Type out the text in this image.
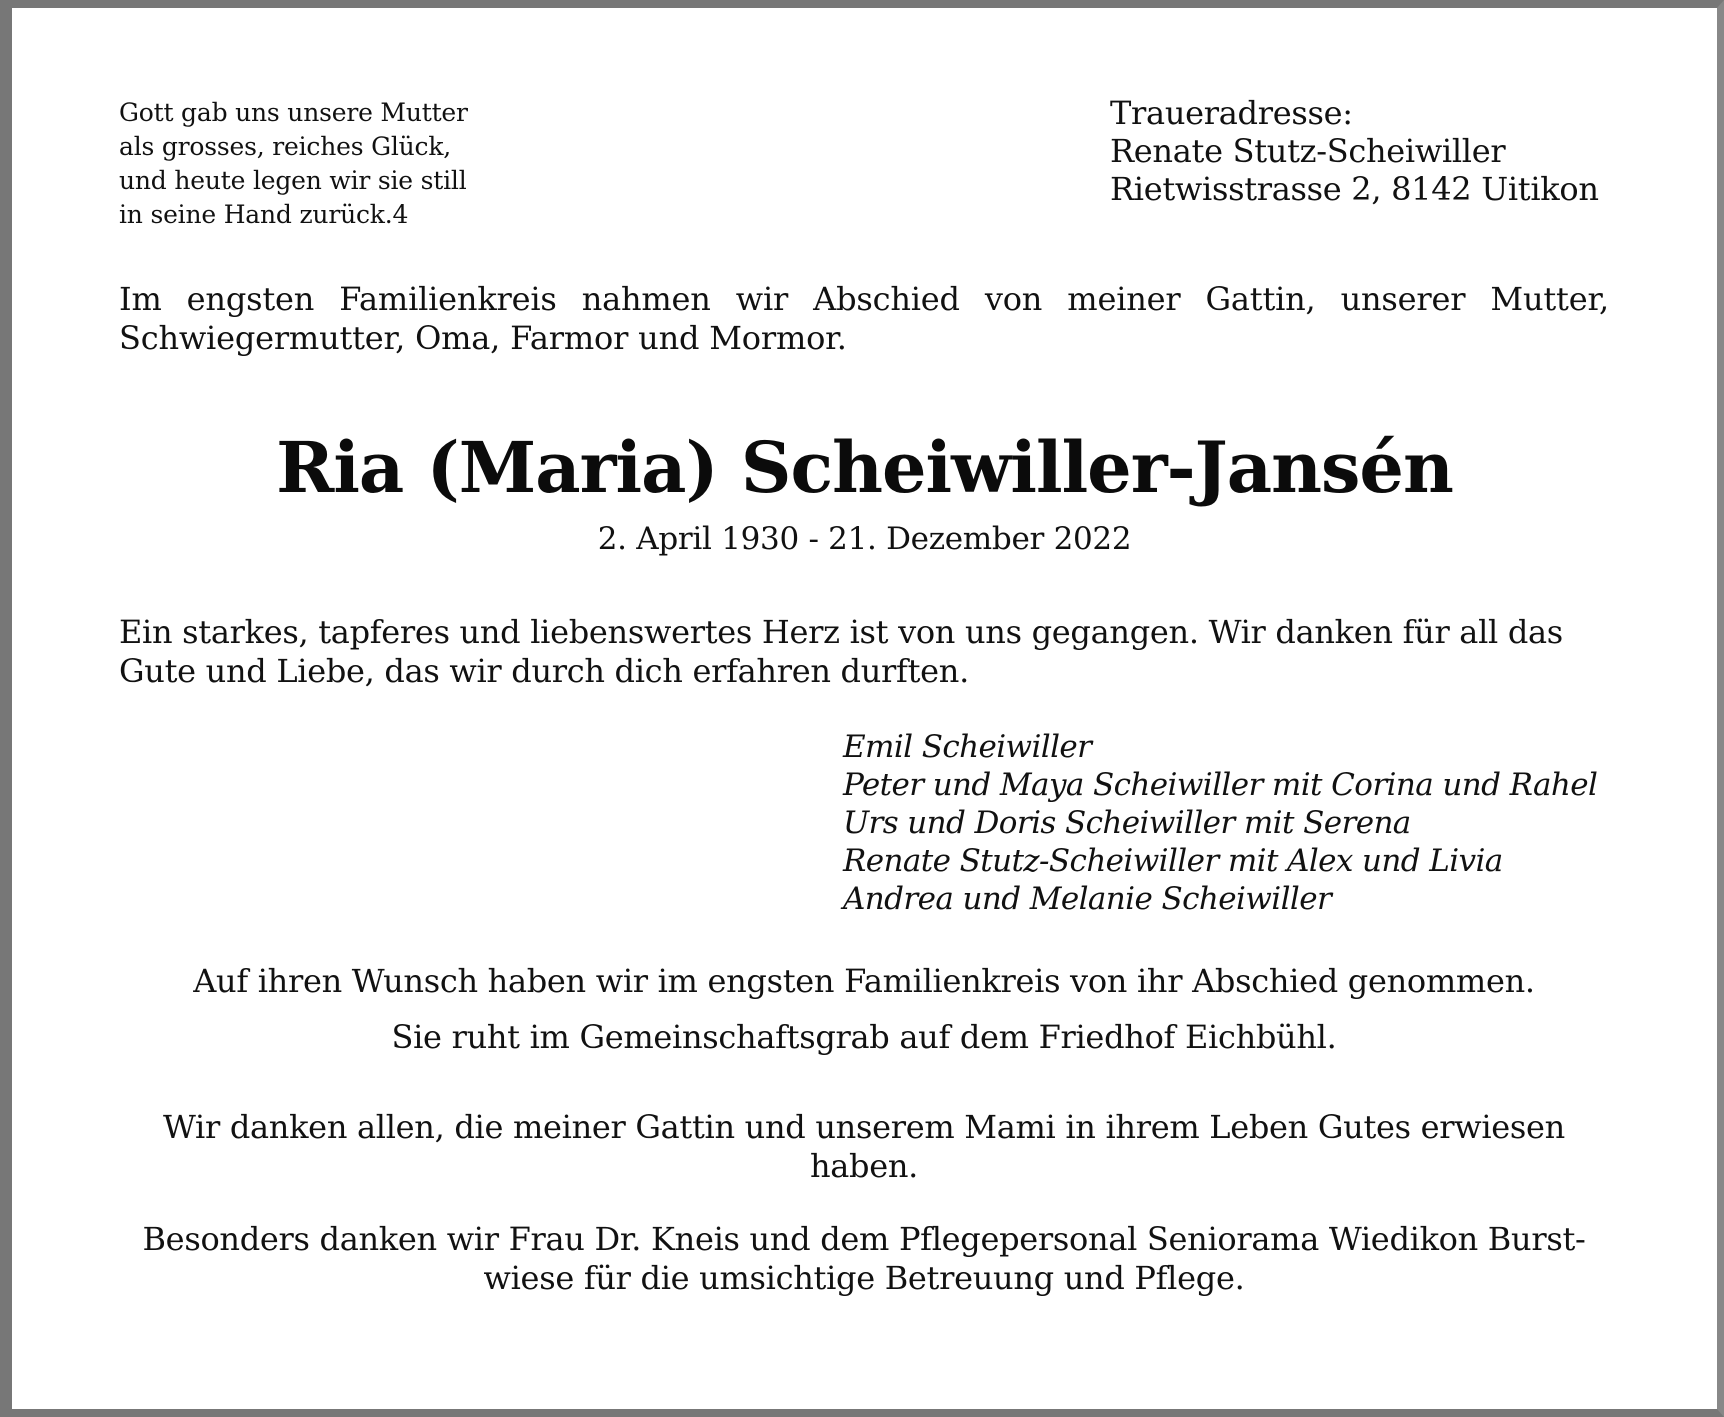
Gott gab uns unsere Mutter
als grosses, reiches Glück,
und heute legen wir sie still
in seine Hand zurück.4
Traueradresse:
Renate Stutz-Scheiwiller
Rietwisstrasse 2, 8142 Uitikon
Im engsten Familienkreis nahmen wir Abschied von meiner Gattin, unserer Mutter, Schwiegermutter, Oma, Farmor und Mormor.
Ria (Maria) Scheiwiller-Jansén
2. April 1930 - 21. Dezember 2022
Ein starkes, tapferes und liebenswertes Herz ist von uns gegangen. Wir danken für all das Gute und Liebe, das wir durch dich erfahren durften.
Emil Scheiwiller
Peter und Maya Scheiwiller mit Corina und Rahel
Urs und Doris Scheiwiller mit Serena
Renate Stutz-Scheiwiller mit Alex und Livia
Andrea und Melanie Scheiwiller
Auf ihren Wunsch haben wir im engsten Familienkreis von ihr Abschied genommen.
Sie ruht im Gemeinschaftsgrab auf dem Friedhof Eichbühl.
Wir danken allen, die meiner Gattin und unserem Mami in ihrem Leben Gutes erwiesen
haben.
Besonders danken wir Frau Dr. Kneis und dem Pflegepersonal Seniorama Wiedikon Burst-
wiese für die umsichtige Betreuung und Pflege.
